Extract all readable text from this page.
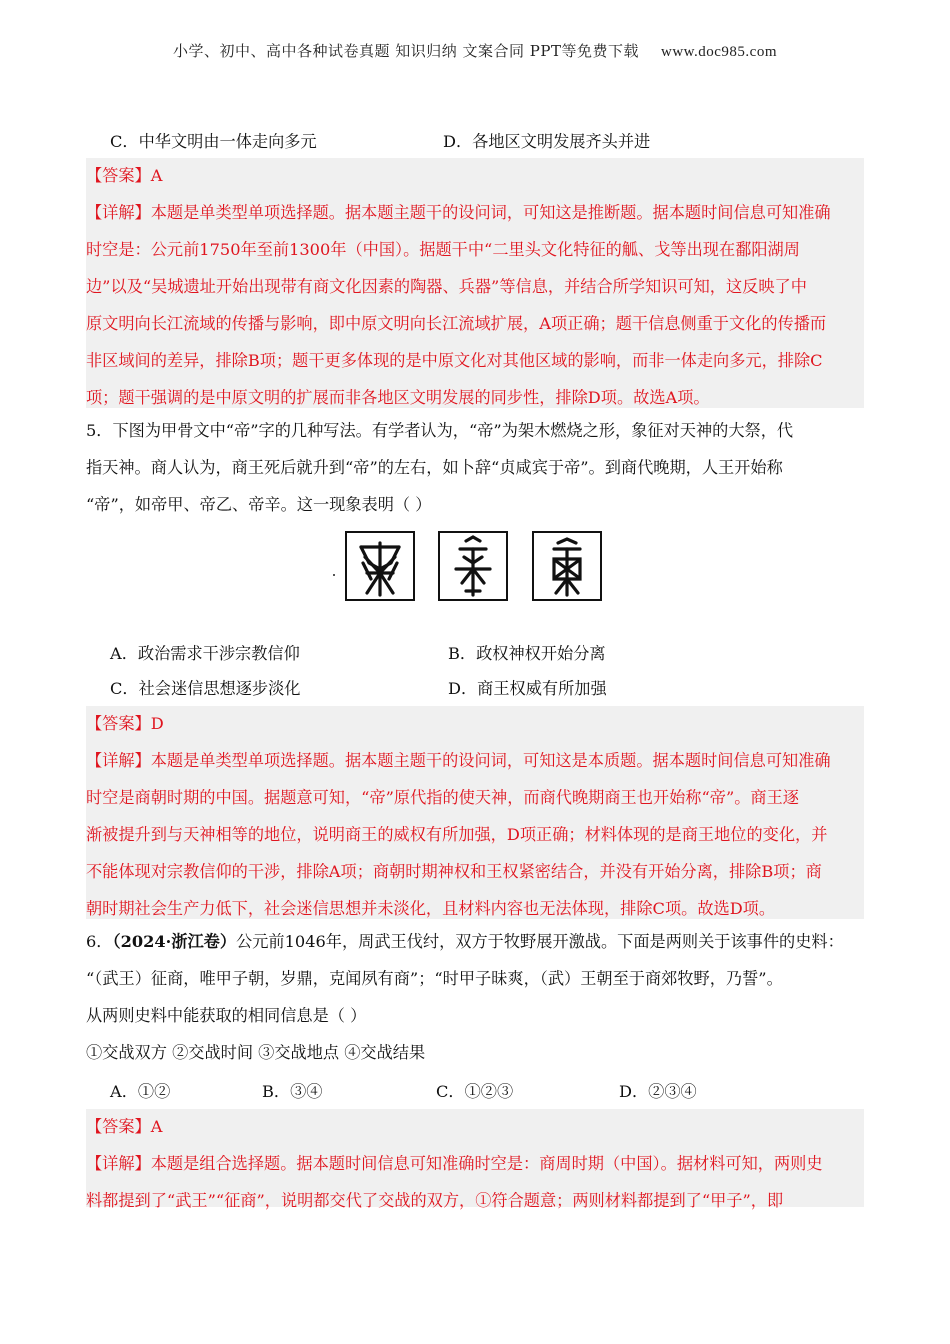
小学、初中、高中各种试卷真题 知识归纳 文案合同 PPT等免费下载 www.doc985.com
C．中华文明由一体走向多元	D．各地区文明发展齐头并进
【答案】A
【详解】本题是单类型单项选择题。据本题主题干的设问词，可知这是推断题。据本题时间信息可知准确
时空是：公元前1750年至前1300年（中国）。据题干中“二里头文化特征的觚、戈等出现在鄱阳湖周
边”以及“吴城遗址开始出现带有商文化因素的陶器、兵器”等信息，并结合所学知识可知，这反映了中
原文明向长江流域的传播与影响，即中原文明向长江流域扩展，A项正确；题干信息侧重于文化的传播而
非区域间的差异，排除B项；题干更多体现的是中原文化对其他区域的影响，而非一体走向多元，排除C
项；题干强调的是中原文明的扩展而非各地区文明发展的同步性，排除D项。故选A项。
5．下图为甲骨文中“帝”字的几种写法。有学者认为，“帝”为架木燃烧之形，象征对天神的大祭，代
指天神。商人认为，商王死后就升到“帝”的左右，如卜辞“贞咸宾于帝”。到商代晚期，人王开始称
“帝”，如帝甲、帝乙、帝辛。这一现象表明（ ）
A．政治需求干涉宗教信仰	B．政权神权开始分离
C．社会迷信思想逐步淡化	D．商王权威有所加强
【答案】D
【详解】本题是单类型单项选择题。据本题主题干的设问词，可知这是本质题。据本题时间信息可知准确
时空是商朝时期的中国。据题意可知，“帝”原代指的使天神，而商代晚期商王也开始称“帝”。商王逐
渐被提升到与天神相等的地位，说明商王的威权有所加强，D项正确；材料体现的是商王地位的变化，并
不能体现对宗教信仰的干涉，排除A项；商朝时期神权和王权紧密结合，并没有开始分离，排除B项；商
朝时期社会生产力低下，社会迷信思想并未淡化，且材料内容也无法体现，排除C项。故选D项。
6．（2024·浙江卷）公元前1046年，周武王伐纣，双方于牧野展开激战。下面是两则关于该事件的史料：
“（武王）征商，唯甲子朝，岁鼎，克闻夙有商”；“时甲子昧爽，（武）王朝至于商郊牧野，乃誓”。
从两则史料中能获取的相同信息是（ ）
①交战双方 ②交战时间 ③交战地点 ④交战结果
A．①②	B．③④	C．①②③	D．②③④
【答案】A
【详解】本题是组合选择题。据本题时间信息可知准确时空是：商周时期（中国）。据材料可知，两则史
料都提到了“武王”“征商”，说明都交代了交战的双方，①符合题意；两则材料都提到了“甲子”，即
